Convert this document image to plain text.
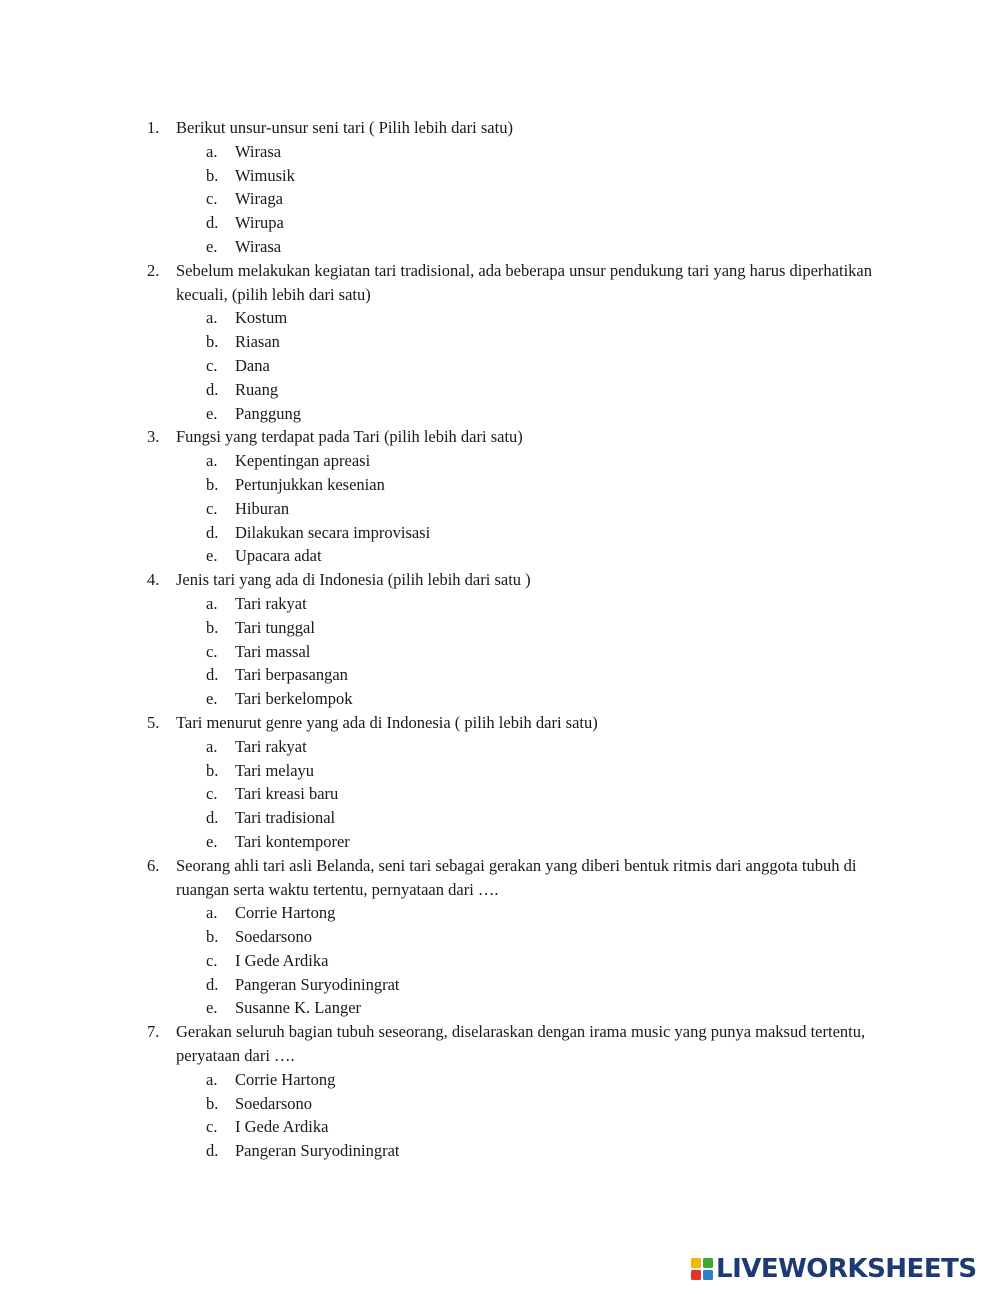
1.	Berikut unsur-unsur seni tari ( Pilih lebih dari satu)
a. Wirasa
b. Wimusik
c. Wiraga
d. Wirupa
e. Wirasa
2.	Sebelum melakukan kegiatan tari tradisional, ada beberapa unsur pendukung tari yang harus diperhatikan kecuali, (pilih lebih dari satu)
a. Kostum
b. Riasan
c. Dana
d. Ruang
e. Panggung
3.	Fungsi yang terdapat pada Tari (pilih lebih dari satu)
a. Kepentingan apreasi
b. Pertunjukkan kesenian
c. Hiburan
d. Dilakukan secara improvisasi
e. Upacara adat
4.	Jenis tari yang ada di Indonesia (pilih lebih dari satu )
a. Tari rakyat
b. Tari tunggal
c. Tari massal
d. Tari berpasangan
e. Tari berkelompok
5.	Tari menurut genre yang ada di Indonesia ( pilih lebih dari satu)
a. Tari rakyat
b. Tari melayu
c. Tari kreasi baru
d. Tari tradisional
e. Tari kontemporer
6.	Seorang ahli tari asli Belanda, seni tari sebagai gerakan yang diberi bentuk ritmis dari anggota tubuh di ruangan serta waktu tertentu, pernyataan dari ….
a. Corrie Hartong
b. Soedarsono
c. I Gede Ardika
d. Pangeran Suryodiningrat
e. Susanne K. Langer
7.	Gerakan seluruh bagian tubuh seseorang, diselaraskan dengan irama music yang punya maksud tertentu, peryataan dari ….
a. Corrie Hartong
b. Soedarsono
c. I Gede Ardika
d. Pangeran Suryodiningrat
LIVEWORKSHEETS
